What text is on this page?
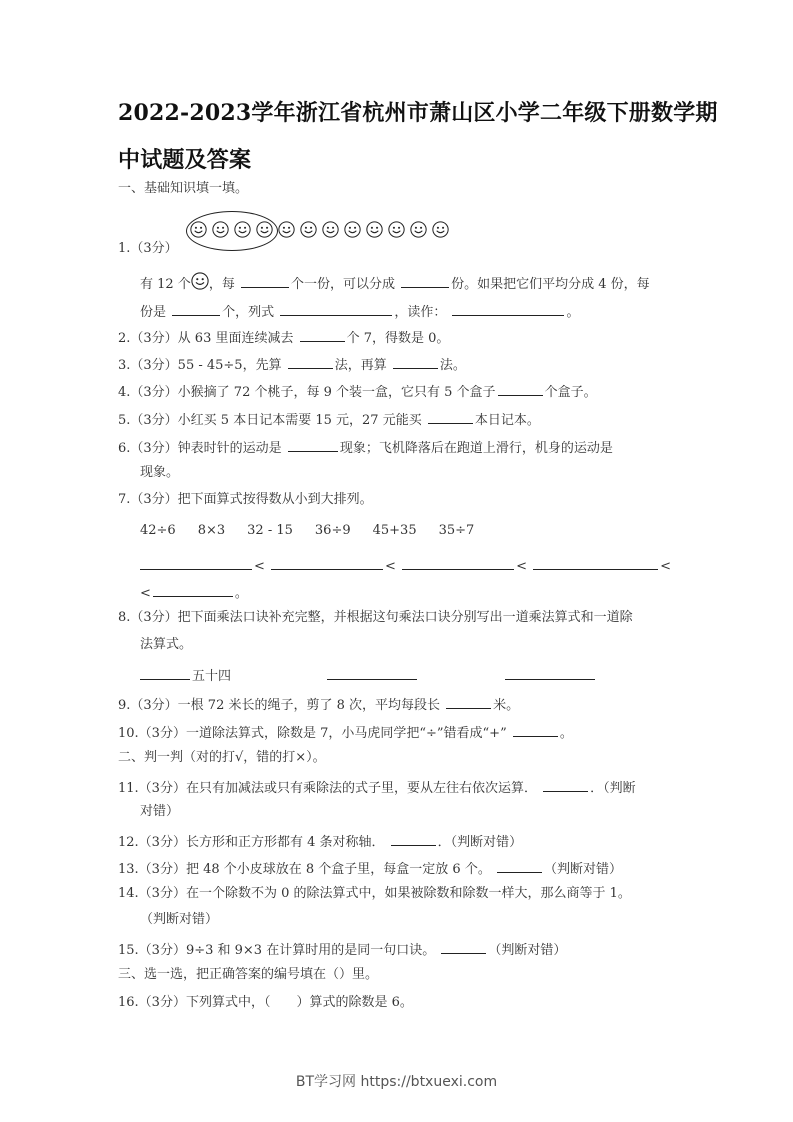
2022-2023学年浙江省杭州市萧山区小学二年级下册数学期
中试题及答案
一、基础知识填一填。
1.（3分）
有 12 个 ，每	个一份，可以分成	份。如果把它们平均分成 4 份，每
份是	个，列式	，读作：	。
2.（3分）从 63 里面连续减去	个 7，得数是 0。
3.（3分）55 - 45÷5，先算	法，再算	法。
4.（3分）小猴摘了 72 个桃子，每 9 个装一盒，它只有 5 个盒子	个盒子。
5.（3分）小红买 5 本日记本需要 15 元，27 元能买	本日记本。
6.（3分）钟表时针的运动是	现象；飞机降落后在跑道上滑行，机身的运动是
现象。
7.（3分）把下面算式按得数从小到大排列。
42÷6 8×3 32 - 15 36÷9 45+35 35÷7
<	<	<	<
<	。
8.（3分）把下面乘法口诀补充完整，并根据这句乘法口诀分别写出一道乘法算式和一道除
法算式。
五十四
9.（3分）一根 72 米长的绳子，剪了 8 次，平均每段长	米。
10.（3分）一道除法算式，除数是 7，小马虎同学把“÷”错看成“+”	。
二、判一判（对的打√，错的打×）。
11.（3分）在只有加减法或只有乘除法的式子里，要从左往右依次运算．	．（判断
对错）
12.（3分）长方形和正方形都有 4 条对称轴．	．（判断对错）
13.（3分）把 48 个小皮球放在 8 个盒子里，每盒一定放 6 个。	（判断对错）
14.（3分）在一个除数不为 0 的除法算式中，如果被除数和除数一样大，那么商等于 1。
（判断对错）
15.（3分）9÷3 和 9×3 在计算时用的是同一句口诀。	（判断对错）
三、选一选，把正确答案的编号填在（）里。
16.（3分）下列算式中，（　　）算式的除数是 6。
BT学习网 https://btxuexi.com
